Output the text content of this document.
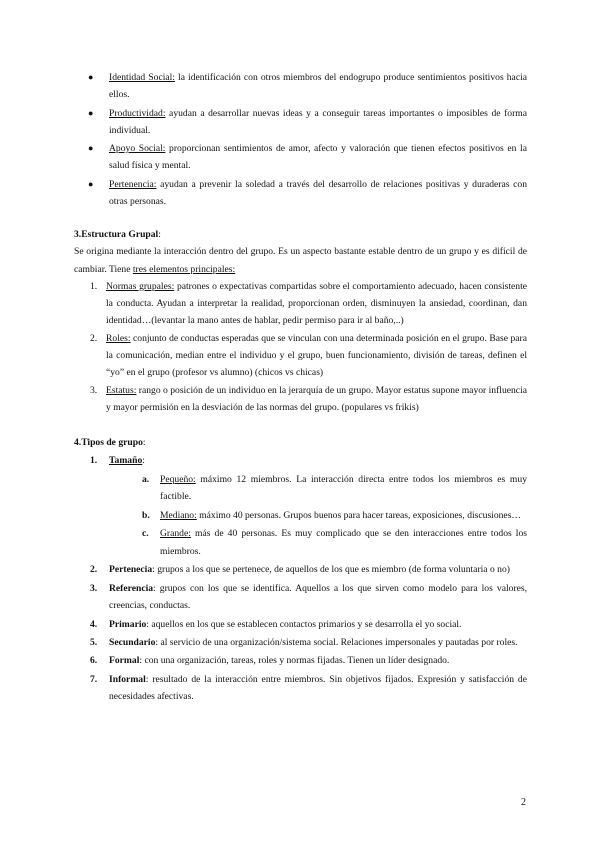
● Identidad Social: la identificación con otros miembros del endogrupo produce sentimientos positivos hacia ellos.
● Productividad: ayudan a desarrollar nuevas ideas y a conseguir tareas importantes o imposibles de forma individual.
● Apoyo Social: proporcionan sentimientos de amor, afecto y valoración que tienen efectos positivos en la salud física y mental.
● Pertenencia: ayudan a prevenir la soledad a través del desarrollo de relaciones positivas y duraderas con otras personas.
3.Estructura Grupal:
Se origina mediante la interacción dentro del grupo. Es un aspecto bastante estable dentro de un grupo y es difícil de cambiar. Tiene tres elementos principales:
1. Normas grupales: patrones o expectativas compartidas sobre el comportamiento adecuado, hacen consistente la conducta. Ayudan a interpretar la realidad, proporcionan orden, disminuyen la ansiedad, coordinan, dan identidad…(levantar la mano antes de hablar, pedir permiso para ir al baño,..)
2. Roles: conjunto de conductas esperadas que se vinculan con una determinada posición en el grupo. Base para la comunicación, median entre el individuo y el grupo, buen funcionamiento, división de tareas, definen el “yo” en el grupo (profesor vs alumno) (chicos vs chicas)
3. Estatus: rango o posición de un individuo en la jerarquía de un grupo. Mayor estatus supone mayor influencia y mayor permisión en la desviación de las normas del grupo. (populares vs frikis)
4.Tipos de grupo:
1. Tamaño:
a. Pequeño: máximo 12 miembros. La interacción directa entre todos los miembros es muy factible.
b. Mediano: máximo 40 personas. Grupos buenos para hacer tareas, exposiciones, discusiones…
c. Grande: más de 40 personas. Es muy complicado que se den interacciones entre todos los miembros.
2. Pertenecia: grupos a los que se pertenece, de aquellos de los que es miembro (de forma voluntaria o no)
3. Referencia: grupos con los que se identifica. Aquellos a los que sirven como modelo para los valores, creencias, conductas.
4. Primario: aquellos en los que se establecen contactos primarios y se desarrolla el yo social.
5. Secundario: al servicio de una organización/sistema social. Relaciones impersonales y pautadas por roles.
6. Formal: con una organización, tareas, roles y normas fijadas. Tienen un líder designado.
7. Informal: resultado de la interacción entre miembros. Sin objetivos fijados. Expresión y satisfacción de necesidades afectivas.
2
